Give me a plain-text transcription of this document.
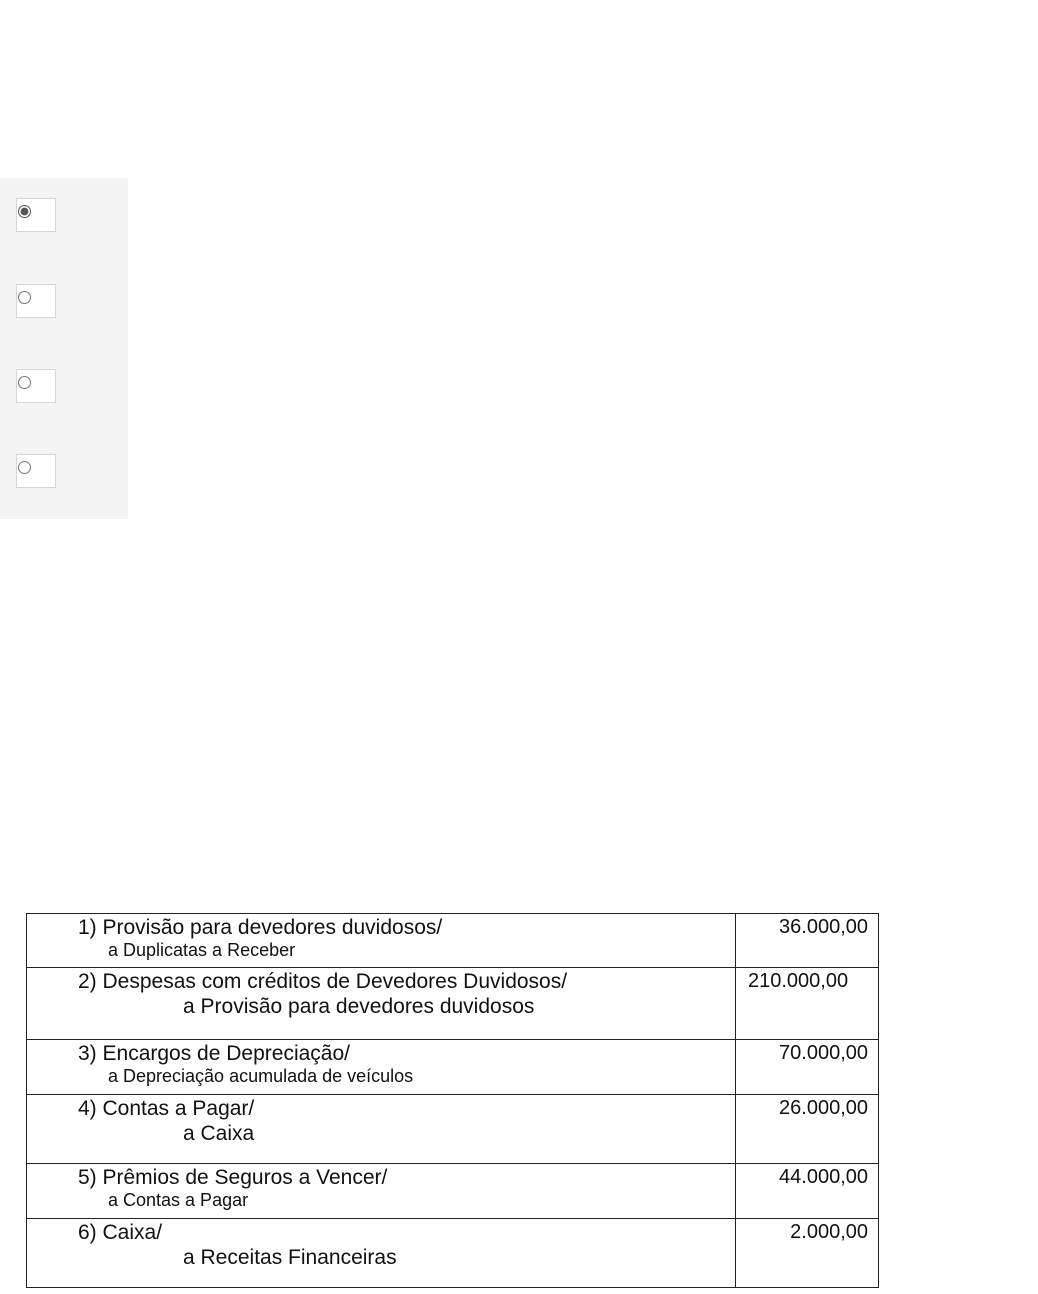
1) Provisão para devedores duvidosos/
a Duplicatas a Receber	36.000,00

2) Despesas com créditos de Devedores Duvidosos/
a Provisão para devedores duvidosos	210.000,00

3) Encargos de Depreciação/
a Depreciação acumulada de veículos	70.000,00

4) Contas a Pagar/
a Caixa	26.000,00

5) Prêmios de Seguros a Vencer/
a Contas a Pagar	44.000,00

6) Caixa/
a Receitas Financeiras	2.000,00
